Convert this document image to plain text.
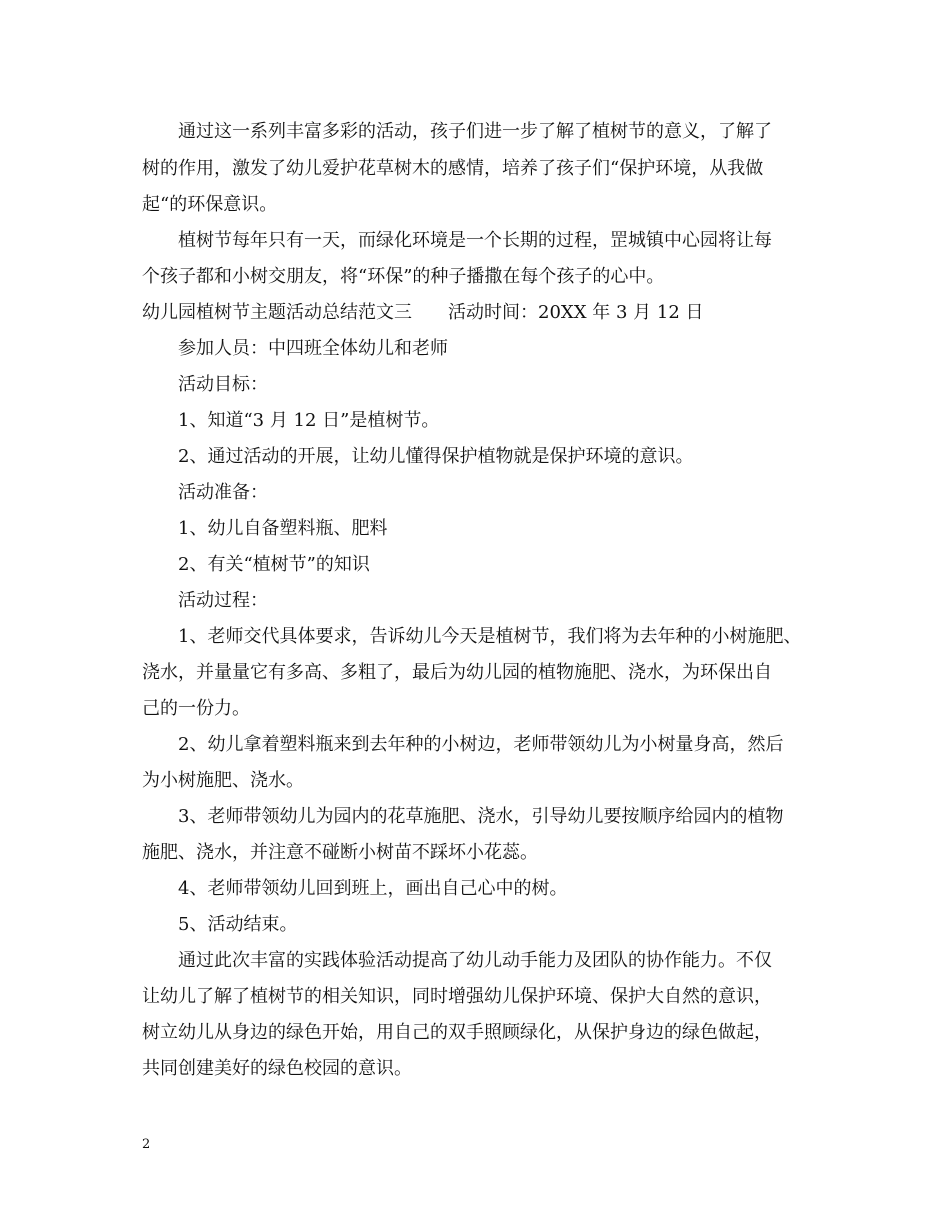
通过这一系列丰富多彩的活动，孩子们进一步了解了植树节的意义，了解了
树的作用，激发了幼儿爱护花草树木的感情，培养了孩子们“保护环境，从我做
起“的环保意识。
植树节每年只有一天，而绿化环境是一个长期的过程，罡城镇中心园将让每
个孩子都和小树交朋友，将“环保”的种子播撒在每个孩子的心中。
幼儿园植树节主题活动总结范文三　　活动时间：20XX 年 3 月 12 日
参加人员：中四班全体幼儿和老师
活动目标：
1、知道“3 月 12 日”是植树节。
2、通过活动的开展，让幼儿懂得保护植物就是保护环境的意识。
活动准备：
1、幼儿自备塑料瓶、肥料
2、有关“植树节”的知识
活动过程：
1、老师交代具体要求，告诉幼儿今天是植树节，我们将为去年种的小树施肥、
浇水，并量量它有多高、多粗了，最后为幼儿园的植物施肥、浇水，为环保出自
己的一份力。
2、幼儿拿着塑料瓶来到去年种的小树边，老师带领幼儿为小树量身高，然后
为小树施肥、浇水。
3、老师带领幼儿为园内的花草施肥、浇水，引导幼儿要按顺序给园内的植物
施肥、浇水，并注意不碰断小树苗不踩坏小花蕊。
4、老师带领幼儿回到班上，画出自己心中的树。
5、活动结束。
通过此次丰富的实践体验活动提高了幼儿动手能力及团队的协作能力。不仅
让幼儿了解了植树节的相关知识，同时增强幼儿保护环境、保护大自然的意识，
树立幼儿从身边的绿色开始，用自己的双手照顾绿化，从保护身边的绿色做起，
共同创建美好的绿色校园的意识。
2
